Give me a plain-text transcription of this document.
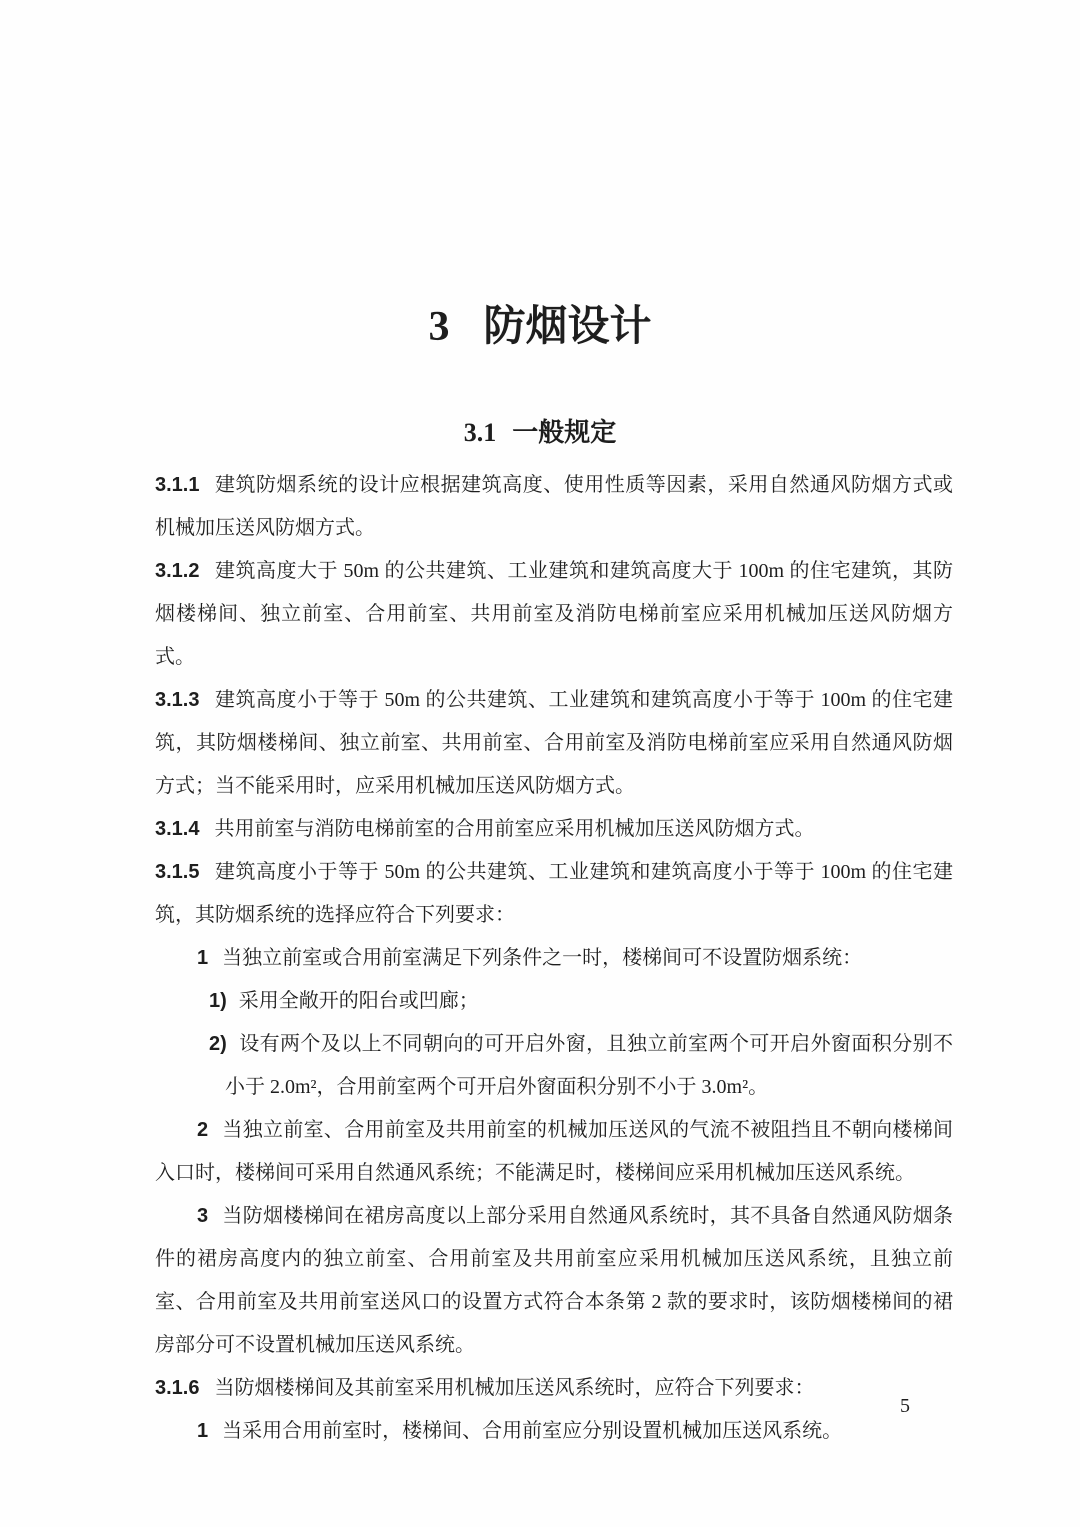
3 防烟设计
3.1 一般规定

3.1.1 建筑防烟系统的设计应根据建筑高度、使用性质等因素，采用自然通风防烟方式或机械加压送风防烟方式。

3.1.2 建筑高度大于 50m 的公共建筑、工业建筑和建筑高度大于 100m 的住宅建筑，其防烟楼梯间、独立前室、合用前室、共用前室及消防电梯前室应采用机械加压送风防烟方式。

3.1.3 建筑高度小于等于 50m 的公共建筑、工业建筑和建筑高度小于等于 100m 的住宅建筑，其防烟楼梯间、独立前室、共用前室、合用前室及消防电梯前室应采用自然通风防烟方式；当不能采用时，应采用机械加压送风防烟方式。

3.1.4 共用前室与消防电梯前室的合用前室应采用机械加压送风防烟方式。

3.1.5 建筑高度小于等于 50m 的公共建筑、工业建筑和建筑高度小于等于 100m 的住宅建筑，其防烟系统的选择应符合下列要求：

1 当独立前室或合用前室满足下列条件之一时，楼梯间可不设置防烟系统：

1) 采用全敞开的阳台或凹廊；

2) 设有两个及以上不同朝向的可开启外窗，且独立前室两个可开启外窗面积分别不小于 2.0m²，合用前室两个可开启外窗面积分别不小于 3.0m²。

2 当独立前室、合用前室及共用前室的机械加压送风的气流不被阻挡且不朝向楼梯间入口时，楼梯间可采用自然通风系统；不能满足时，楼梯间应采用机械加压送风系统。

3 当防烟楼梯间在裙房高度以上部分采用自然通风系统时，其不具备自然通风防烟条件的裙房高度内的独立前室、合用前室及共用前室应采用机械加压送风系统，且独立前室、合用前室及共用前室送风口的设置方式符合本条第 2 款的要求时，该防烟楼梯间的裙房部分可不设置机械加压送风系统。

3.1.6 当防烟楼梯间及其前室采用机械加压送风系统时，应符合下列要求：

1 当采用合用前室时，楼梯间、合用前室应分别设置机械加压送风系统。

5
